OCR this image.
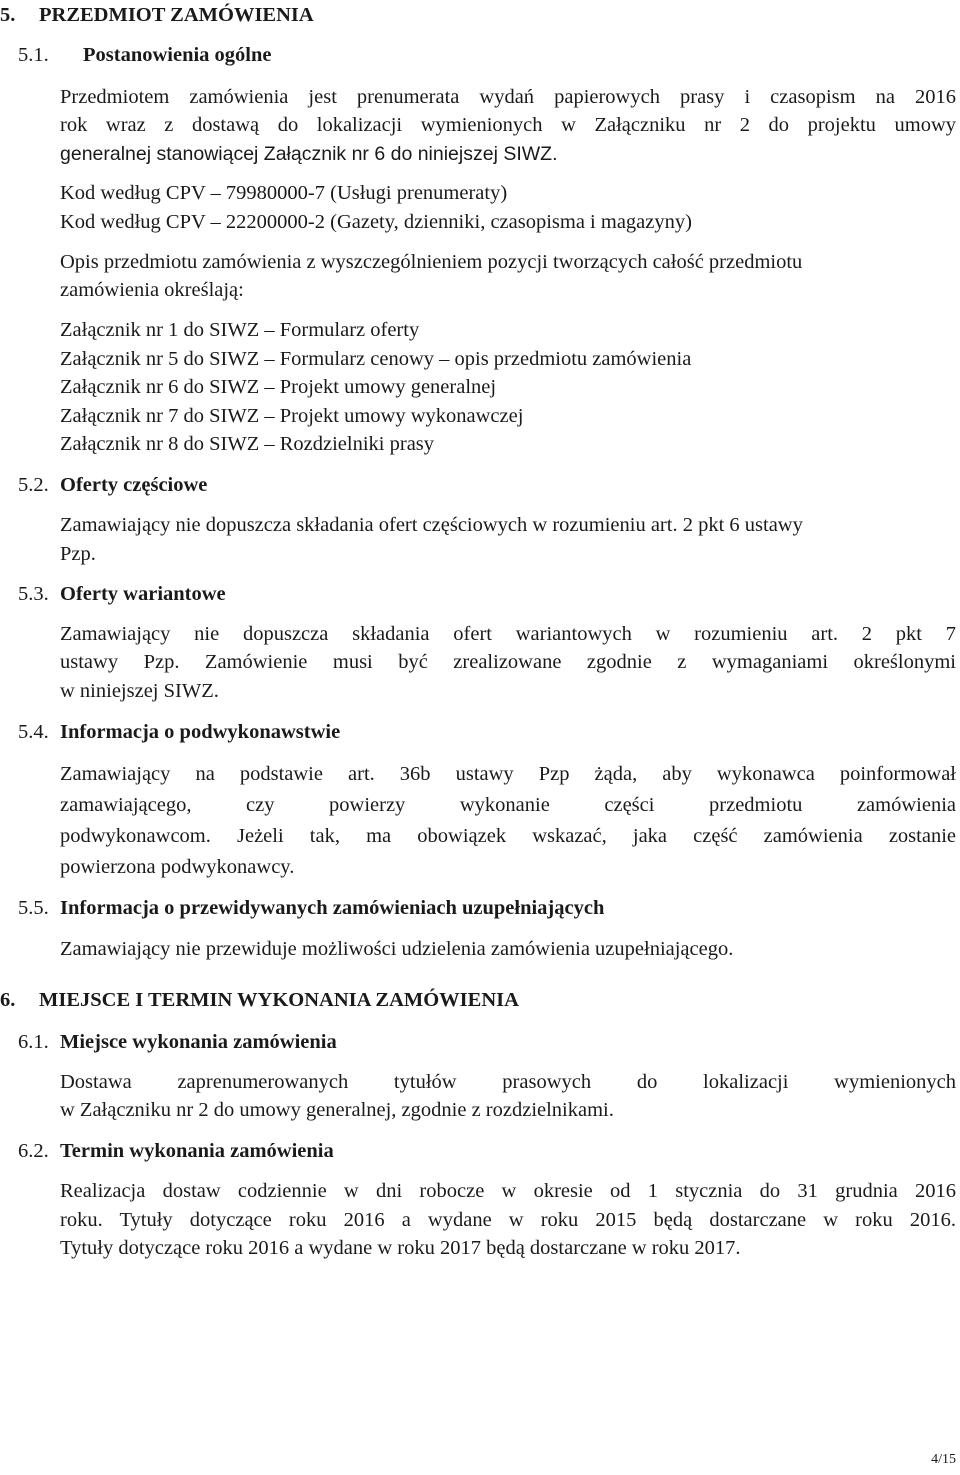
5. PRZEDMIOT ZAMÓWIENIA
5.1. Postanowienia ogólne
Przedmiotem zamówienia jest prenumerata wydań papierowych prasy i czasopism na 2016
rok wraz z dostawą do lokalizacji wymienionych w Załączniku nr 2 do projektu umowy
generalnej stanowiącej Załącznik nr 6 do niniejszej SIWZ.
Kod według CPV – 79980000-7 (Usługi prenumeraty)
Kod według CPV – 22200000-2 (Gazety, dzienniki, czasopisma i magazyny)
Opis przedmiotu zamówienia z wyszczególnieniem pozycji tworzących całość przedmiotu
zamówienia określają:
Załącznik nr 1 do SIWZ – Formularz oferty
Załącznik nr 5 do SIWZ – Formularz cenowy – opis przedmiotu zamówienia
Załącznik nr 6 do SIWZ – Projekt umowy generalnej
Załącznik nr 7 do SIWZ – Projekt umowy wykonawczej
Załącznik nr 8 do SIWZ – Rozdzielniki prasy
5.2. Oferty częściowe
Zamawiający nie dopuszcza składania ofert częściowych w rozumieniu art. 2 pkt 6 ustawy
Pzp.
5.3. Oferty wariantowe
Zamawiający nie dopuszcza składania ofert wariantowych w rozumieniu art. 2 pkt 7
ustawy Pzp. Zamówienie musi być zrealizowane zgodnie z wymaganiami określonymi
w niniejszej SIWZ.
5.4. Informacja o podwykonawstwie
Zamawiający na podstawie art. 36b ustawy Pzp żąda, aby wykonawca poinformował
zamawiającego, czy powierzy wykonanie części przedmiotu zamówienia
podwykonawcom. Jeżeli tak, ma obowiązek wskazać, jaka część zamówienia zostanie
powierzona podwykonawcy.
5.5. Informacja o przewidywanych zamówieniach uzupełniających
Zamawiający nie przewiduje możliwości udzielenia zamówienia uzupełniającego.
6. MIEJSCE I TERMIN WYKONANIA ZAMÓWIENIA
6.1. Miejsce wykonania zamówienia
Dostawa zaprenumerowanych tytułów prasowych do lokalizacji wymienionych
w Załączniku nr 2 do umowy generalnej, zgodnie z rozdzielnikami.
6.2. Termin wykonania zamówienia
Realizacja dostaw codziennie w dni robocze w okresie od 1 stycznia do 31 grudnia 2016
roku. Tytuły dotyczące roku 2016 a wydane w roku 2015 będą dostarczane w roku 2016.
Tytuły dotyczące roku 2016 a wydane w roku 2017 będą dostarczane w roku 2017.
4/15
